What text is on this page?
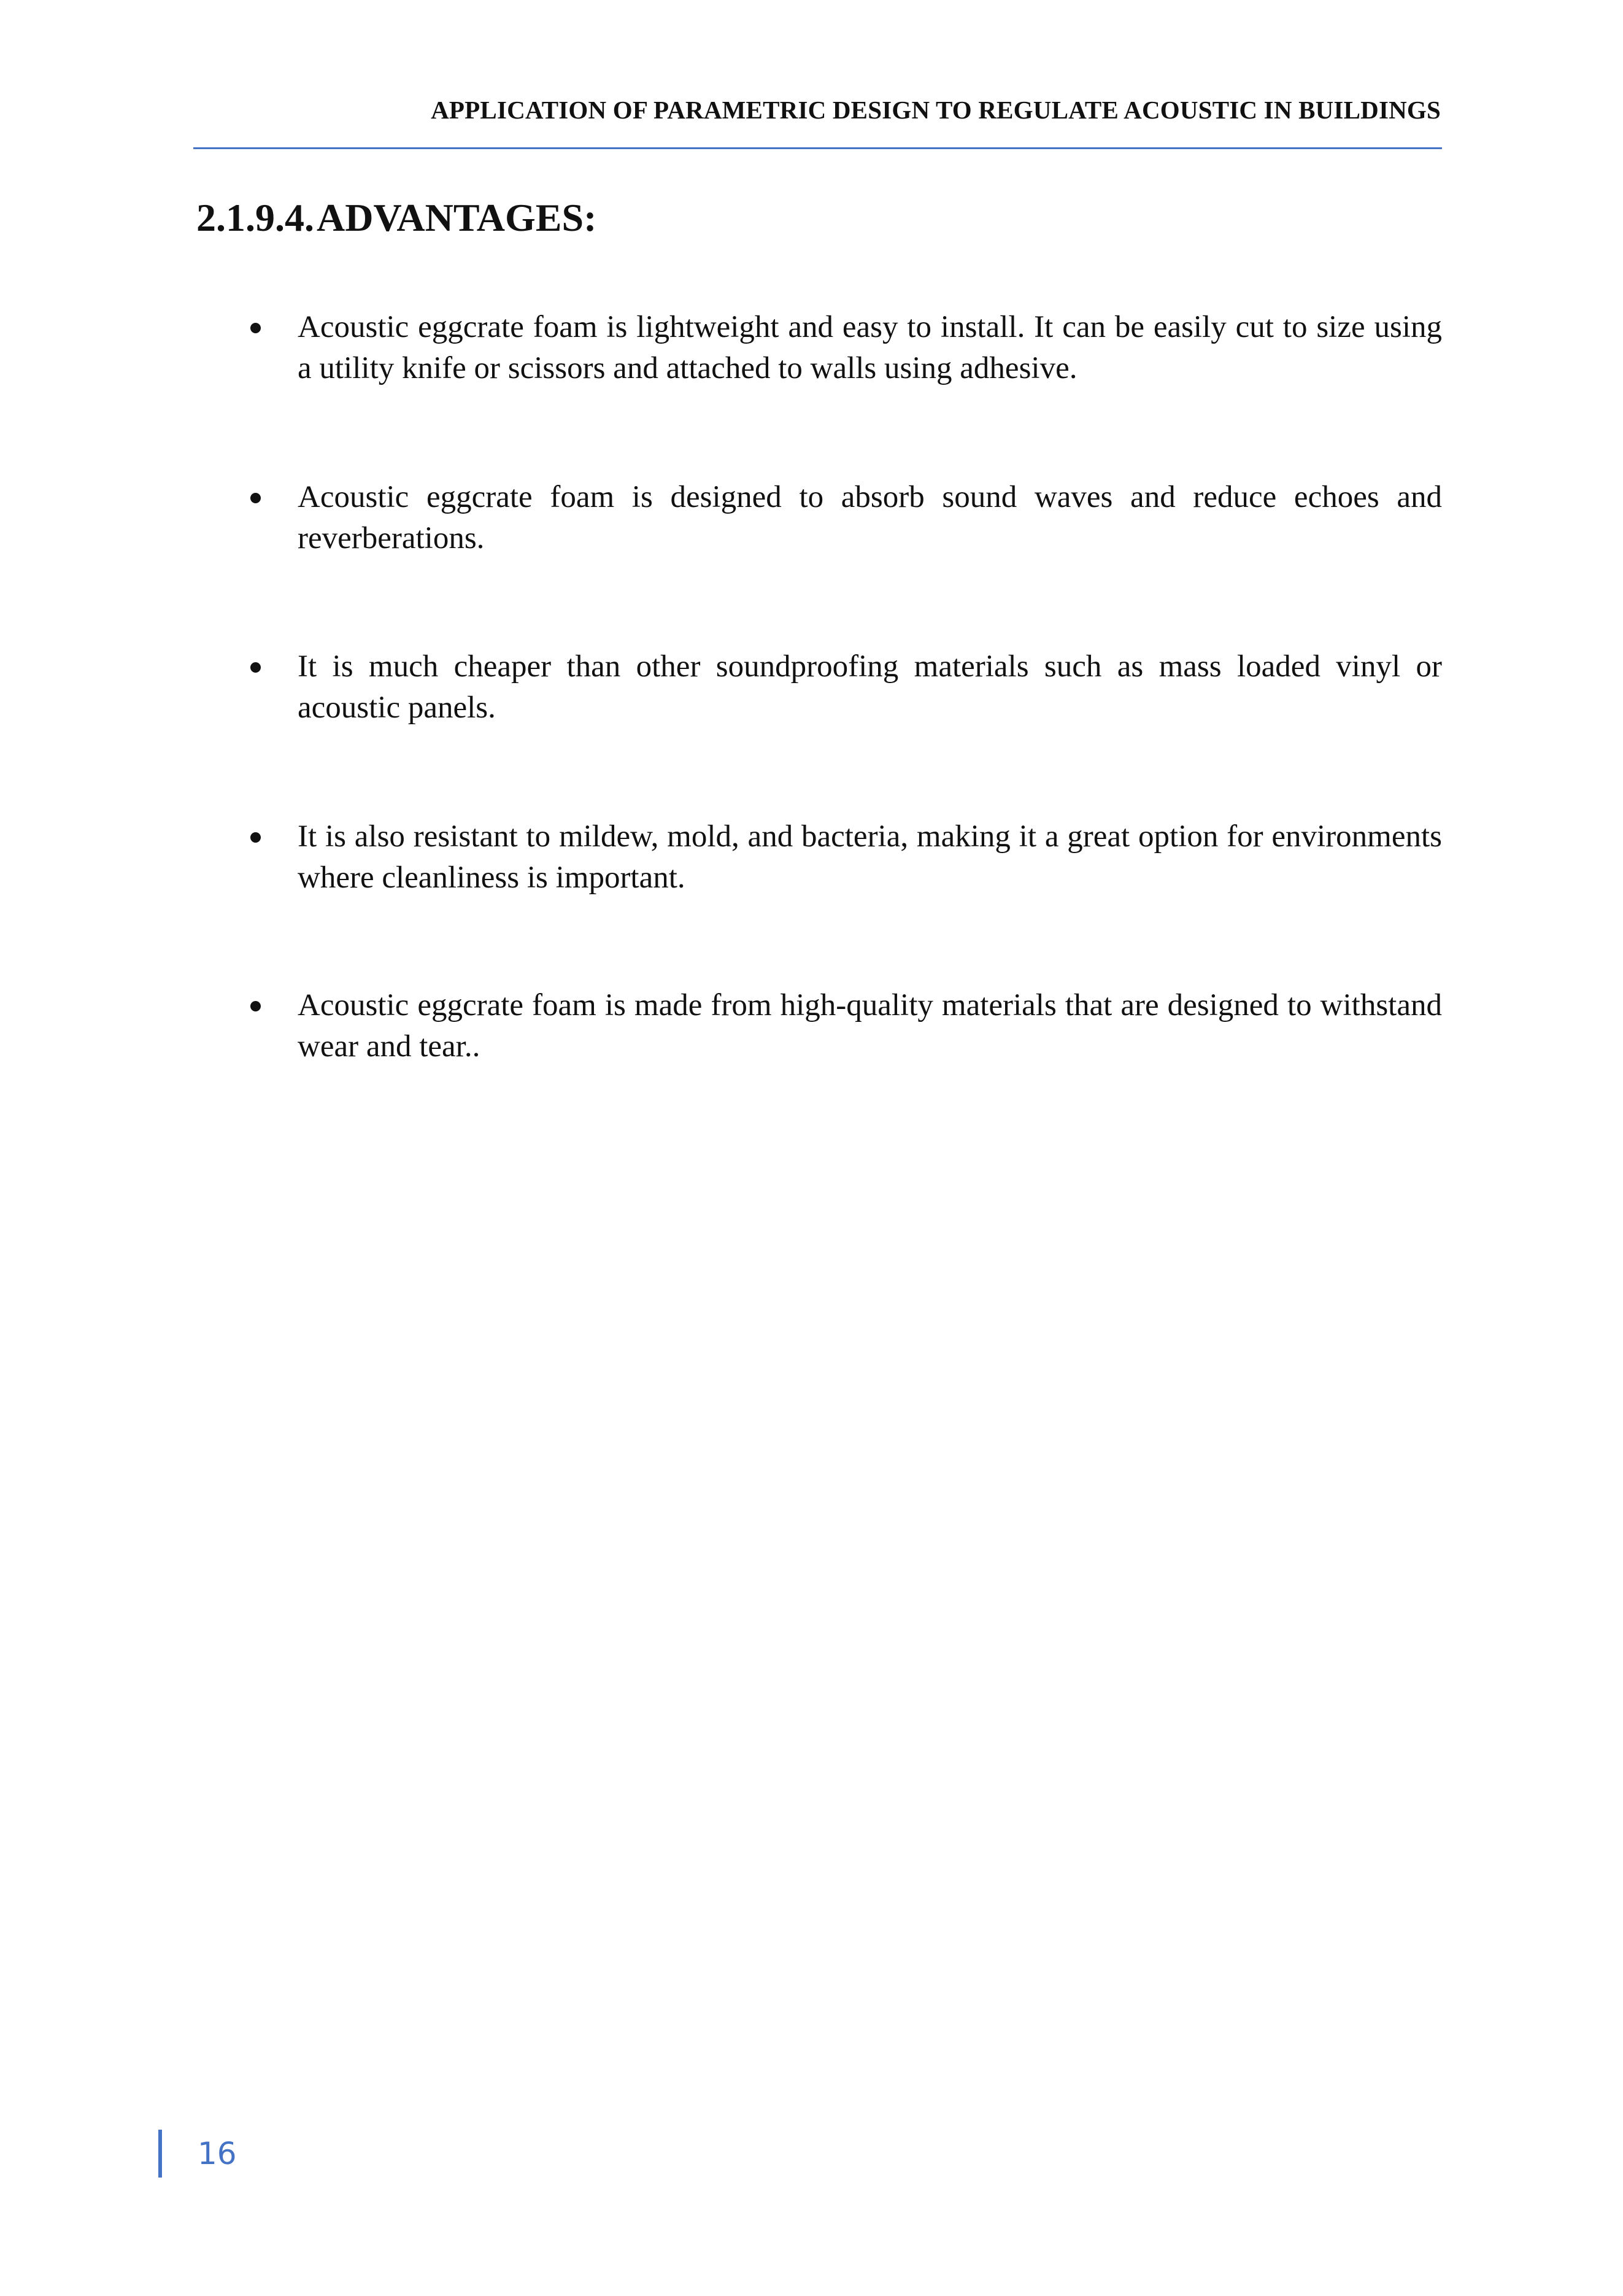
APPLICATION OF PARAMETRIC DESIGN TO REGULATE ACOUSTIC IN BUILDINGS
2.1.9.4.ADVANTAGES:
Acoustic eggcrate foam is lightweight and easy to install. It can be easily cut to size using a utility knife or scissors and attached to walls using adhesive.
Acoustic eggcrate foam is designed to absorb sound waves and reduce echoes and reverberations.
It is much cheaper than other soundproofing materials such as mass loaded vinyl or acoustic panels.
It is also resistant to mildew, mold, and bacteria, making it a great option for environments where cleanliness is important.
Acoustic eggcrate foam is made from high-quality materials that are designed to withstand wear and tear..
16
